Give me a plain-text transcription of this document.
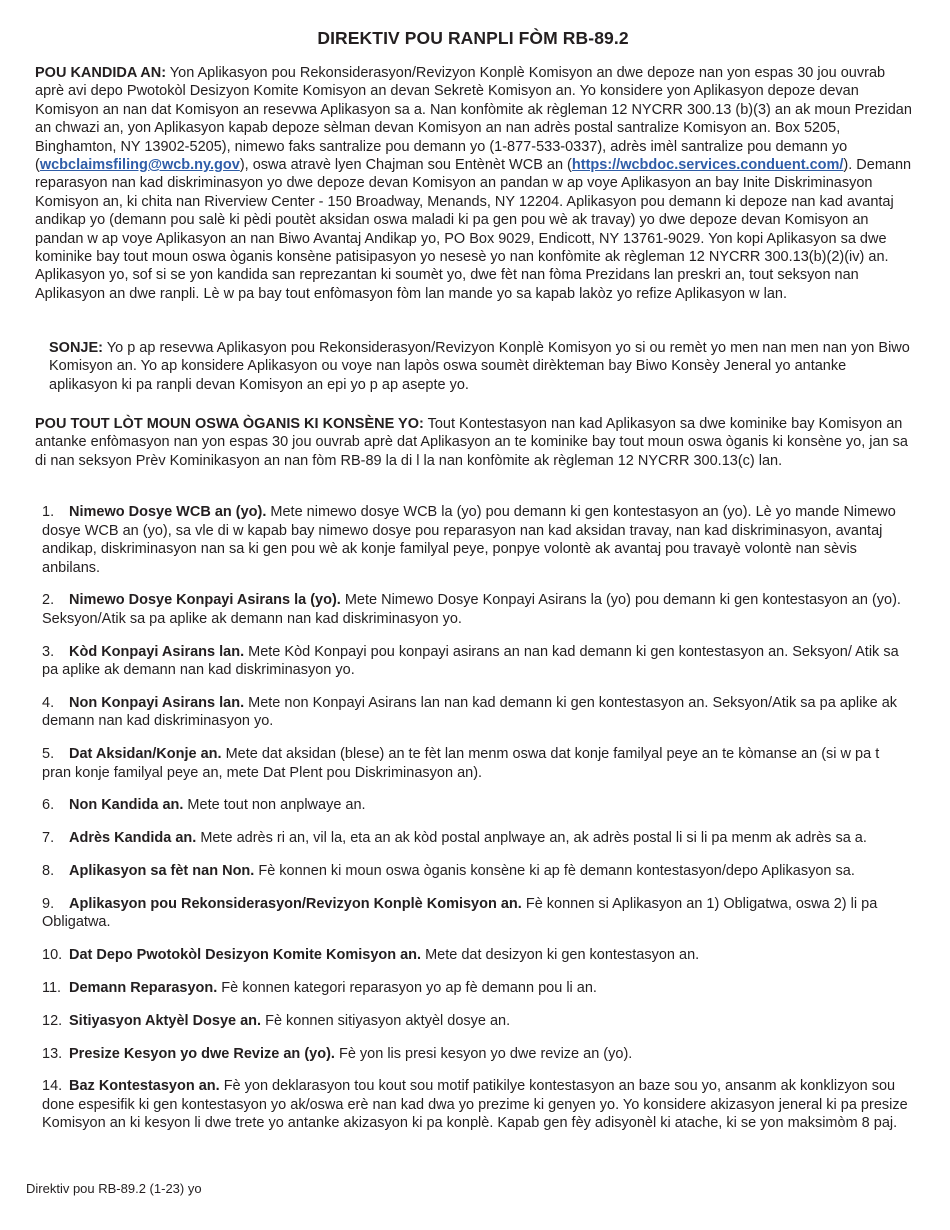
DIREKTIV POU RANPLI FÒM RB-89.2

POU KANDIDA AN: Yon Aplikasyon pou Rekonsiderasyon/Revizyon Konplè Komisyon an dwe depoze nan yon espas 30 jou ouvrab aprè avi depo Pwotokòl Desizyon Komite Komisyon an devan Sekretè Komisyon an. Yo konsidere yon Aplikasyon depoze devan Komisyon an nan dat Komisyon an resevwa Aplikasyon sa a. Nan konfòmite ak règleman 12 NYCRR 300.13 (b)(3) an ak moun Prezidan an chwazi an, yon Aplikasyon kapab depoze sèlman devan Komisyon an nan adrès postal santralize Komisyon an. Box 5205, Binghamton, NY 13902-5205), nimewo faks santralize pou demann yo (1-877-533-0337), adrès imèl santralize pou demann yo (wcbclaimsfiling@wcb.ny.gov), oswa atravè lyen Chajman sou Entènèt WCB an (https://wcbdoc.services.conduent.com/). Demann reparasyon nan kad diskriminasyon yo dwe depoze devan Komisyon an pandan w ap voye Aplikasyon an bay Inite Diskriminasyon Komisyon an, ki chita nan Riverview Center - 150 Broadway, Menands, NY 12204. Aplikasyon pou demann ki depoze nan kad avantaj andikap yo (demann pou salè ki pèdi poutèt aksidan oswa maladi ki pa gen pou wè ak travay) yo dwe depoze devan Komisyon an pandan w ap voye Aplikasyon an nan Biwo Avantaj Andikap yo, PO Box 9029, Endicott, NY 13761-9029. Yon kopi Aplikasyon sa dwe kominike bay tout moun oswa òganis konsène patisipasyon yo nesesè yo nan konfòmite ak règleman 12 NYCRR 300.13(b)(2)(iv) an. Aplikasyon yo, sof si se yon kandida san reprezantan ki soumèt yo, dwe fèt nan fòma Prezidans lan preskri an, tout seksyon nan Aplikasyon an dwe ranpli. Lè w pa bay tout enfòmasyon fòm lan mande yo sa kapab lakòz yo refize Aplikasyon w lan.

SONJE: Yo p ap resevwa Aplikasyon pou Rekonsiderasyon/Revizyon Konplè Komisyon yo si ou remèt yo men nan men nan yon Biwo Komisyon an. Yo ap konsidere Aplikasyon ou voye nan lapòs oswa soumèt dirèkteman bay Biwo Konsèy Jeneral yo antanke aplikasyon ki pa ranpli devan Komisyon an epi yo p ap asepte yo.

POU TOUT LÒT MOUN OSWA ÒGANIS KI KONSÈNE YO: Tout Kontestasyon nan kad Aplikasyon sa dwe kominike bay Komisyon an antanke enfòmasyon nan yon espas 30 jou ouvrab aprè dat Aplikasyon an te kominike bay tout moun oswa òganis ki konsène yo, jan sa di nan seksyon Prèv Kominikasyon an nan fòm RB-89 la di l la nan konfòmite ak règleman 12 NYCRR 300.13(c) lan.

1. Nimewo Dosye WCB an (yo). Mete nimewo dosye WCB la (yo) pou demann ki gen kontestasyon an (yo). Lè yo mande Nimewo dosye WCB an (yo), sa vle di w kapab bay nimewo dosye pou reparasyon nan kad aksidan travay, nan kad diskriminasyon, avantaj andikap, diskriminasyon nan sa ki gen pou wè ak konje familyal peye, ponpye volontè ak avantaj pou travayè volontè nan sèvis anbilans.

2. Nimewo Dosye Konpayi Asirans la (yo). Mete Nimewo Dosye Konpayi Asirans la (yo) pou demann ki gen kontestasyon an (yo). Seksyon/Atik sa pa aplike ak demann nan kad diskriminasyon yo.

3. Kòd Konpayi Asirans lan. Mete Kòd Konpayi pou konpayi asirans an nan kad demann ki gen kontestasyon an. Seksyon/ Atik sa pa aplike ak demann nan kad diskriminasyon yo.

4. Non Konpayi Asirans lan. Mete non Konpayi Asirans lan nan kad demann ki gen kontestasyon an. Seksyon/Atik sa pa aplike ak demann nan kad diskriminasyon yo.

5. Dat Aksidan/Konje an. Mete dat aksidan (blese) an te fèt lan menm oswa dat konje familyal peye an te kòmanse an (si w pa t pran konje familyal peye an, mete Dat Plent pou Diskriminasyon an).

6. Non Kandida an. Mete tout non anplwaye an.

7. Adrès Kandida an. Mete adrès ri an, vil la, eta an ak kòd postal anplwaye an, ak adrès postal li si li pa menm ak adrès sa a.

8. Aplikasyon sa fèt nan Non. Fè konnen ki moun oswa òganis konsène ki ap fè demann kontestasyon/depo Aplikasyon sa.

9. Aplikasyon pou Rekonsiderasyon/Revizyon Konplè Komisyon an. Fè konnen si Aplikasyon an 1) Obligatwa, oswa 2) li pa Obligatwa.

10. Dat Depo Pwotokòl Desizyon Komite Komisyon an. Mete dat desizyon ki gen kontestasyon an.

11. Demann Reparasyon. Fè konnen kategori reparasyon yo ap fè demann pou li an.

12. Sitiyasyon Aktyèl Dosye an. Fè konnen sitiyasyon aktyèl dosye an.

13. Presize Kesyon yo dwe Revize an (yo). Fè yon lis presi kesyon yo dwe revize an (yo).

14. Baz Kontestasyon an. Fè yon deklarasyon tou kout sou motif patikilye kontestasyon an baze sou yo, ansanm ak konklizyon sou done espesifik ki gen kontestasyon yo ak/oswa erè nan kad dwa yo prezime ki genyen yo. Yo konsidere akizasyon jeneral ki pa presize Komisyon an ki kesyon li dwe trete yo antanke akizasyon ki pa konplè. Kapab gen fèy adisyonèl ki atache, ki se yon maksimòm 8 paj.

Direktiv pou RB-89.2 (1-23) yo
